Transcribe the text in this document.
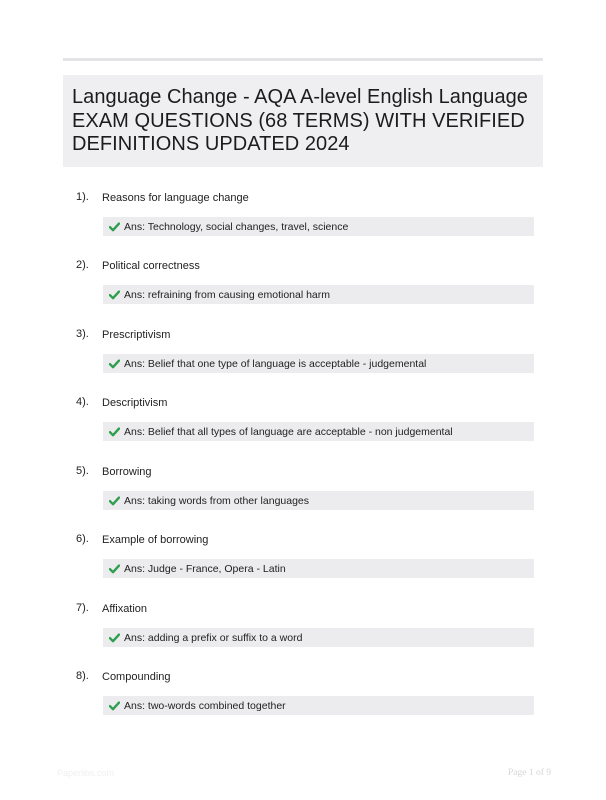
Language Change - AQA A-level English Language EXAM QUESTIONS (68 TERMS) WITH VERIFIED DEFINITIONS UPDATED 2024
1). Reasons for language change
Ans: Technology, social changes, travel, science
2). Political correctness
Ans: refraining from causing emotional harm
3). Prescriptivism
Ans: Belief that one type of language is acceptable - judgemental
4). Descriptivism
Ans: Belief that all types of language are acceptable - non judgemental
5). Borrowing
Ans: taking words from other languages
6). Example of borrowing
Ans: Judge - France, Opera - Latin
7). Affixation
Ans: adding a prefix or suffix to a word
8). Compounding
Ans: two-words combined together
Paperlibs.com	Page 1 of 9
